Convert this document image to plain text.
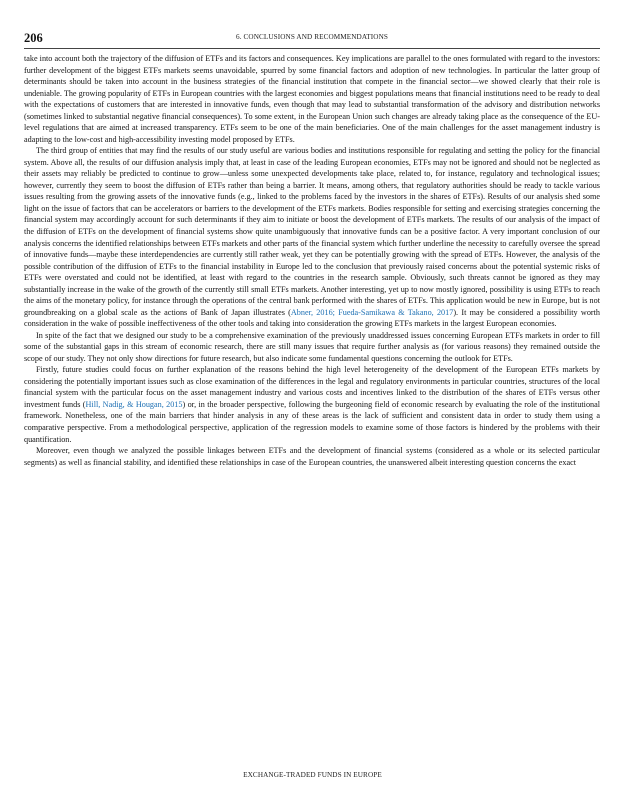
206	6. CONCLUSIONS AND RECOMMENDATIONS

take into account both the trajectory of the diffusion of ETFs and its factors and consequences. Key implications are parallel to the ones formulated with regard to the investors: further development of the biggest ETFs markets seems unavoidable, spurred by some financial factors and adoption of new technologies. In particular the latter group of determinants should be taken into account in the business strategies of the financial institution that compete in the financial sector—we showed clearly that their role is undeniable. The growing popularity of ETFs in European countries with the largest economies and biggest populations means that financial institutions need to be ready to deal with the expectations of customers that are interested in innovative funds, even though that may lead to substantial transformation of the advisory and distribution networks (sometimes linked to substantial negative financial consequences). To some extent, in the European Union such changes are already taking place as the consequence of the EU-level regulations that are aimed at increased transparency. ETFs seem to be one of the main beneficiaries. One of the main challenges for the asset management industry is adapting to the low-cost and high-accessibility investing model proposed by ETFs.

The third group of entities that may find the results of our study useful are various bodies and institutions responsible for regulating and setting the policy for the financial system. Above all, the results of our diffusion analysis imply that, at least in case of the leading European economies, ETFs may not be ignored and should not be neglected as their assets may reliably be predicted to continue to grow—unless some unexpected developments take place, related to, for instance, regulatory and technological issues; however, currently they seem to boost the diffusion of ETFs rather than being a barrier. It means, among others, that regulatory authorities should be ready to tackle various issues resulting from the growing assets of the innovative funds (e.g., linked to the problems faced by the investors in the shares of ETFs). Results of our analysis shed some light on the issue of factors that can be accelerators or barriers to the development of the ETFs markets. Bodies responsible for setting and exercising strategies concerning the financial system may accordingly account for such determinants if they aim to initiate or boost the development of ETFs markets. The results of our analysis of the impact of the diffusion of ETFs on the development of financial systems show quite unambiguously that innovative funds can be a positive factor. A very important conclusion of our analysis concerns the identified relationships between ETFs markets and other parts of the financial system which further underline the necessity to carefully oversee the spread of innovative funds—maybe these interdependencies are currently still rather weak, yet they can be potentially growing with the spread of ETFs. However, the analysis of the possible contribution of the diffusion of ETFs to the financial instability in Europe led to the conclusion that previously raised concerns about the potential systemic risks of ETFs were overstated and could not be identified, at least with regard to the countries in the research sample. Obviously, such threats cannot be ignored as they may substantially increase in the wake of the growth of the currently still small ETFs markets. Another interesting, yet up to now mostly ignored, possibility is using ETFs to reach the aims of the monetary policy, for instance through the operations of the central bank performed with the shares of ETFs. This application would be new in Europe, but is not groundbreaking on a global scale as the actions of Bank of Japan illustrates (Abner, 2016; Fueda-Samikawa & Takano, 2017). It may be considered a possibility worth consideration in the wake of possible ineffectiveness of the other tools and taking into consideration the growing ETFs markets in the largest European economies.

In spite of the fact that we designed our study to be a comprehensive examination of the previously unaddressed issues concerning European ETFs markets in order to fill some of the substantial gaps in this stream of economic research, there are still many issues that require further analysis as (for various reasons) they remained outside the scope of our study. They not only show directions for future research, but also indicate some fundamental questions concerning the outlook for ETFs.

Firstly, future studies could focus on further explanation of the reasons behind the high level heterogeneity of the development of the European ETFs markets by considering the potentially important issues such as close examination of the differences in the legal and regulatory environments in particular countries, structures of the local financial system with the particular focus on the asset management industry and various costs and incentives linked to the distribution of the shares of ETFs versus other investment funds (Hill, Nadig, & Hougan, 2015) or, in the broader perspective, following the burgeoning field of economic research by evaluating the role of the institutional framework. Nonetheless, one of the main barriers that hinder analysis in any of these areas is the lack of sufficient and consistent data in order to study them using a comparative perspective. From a methodological perspective, application of the regression models to examine some of those factors is hindered by the problems with their quantification.

Moreover, even though we analyzed the possible linkages between ETFs and the development of financial systems (considered as a whole or its selected particular segments) as well as financial stability, and identified these relationships in case of the European countries, the unanswered albeit interesting question concerns the exact

EXCHANGE-TRADED FUNDS IN EUROPE
